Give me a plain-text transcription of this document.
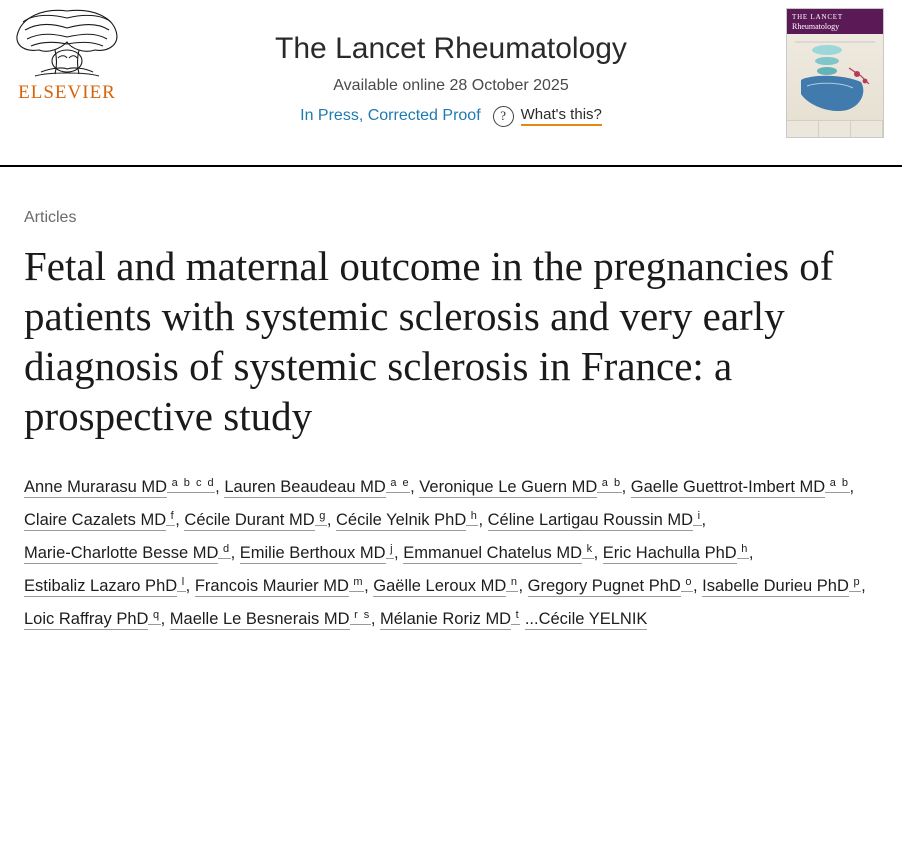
ELSEVIER
The Lancet Rheumatology
Available online 28 October 2025
In Press, Corrected Proof	? What's this?
THE LANCET
Rheumatology
Articles
Fetal and maternal outcome in the pregnancies of patients with systemic sclerosis and very early diagnosis of systemic sclerosis in France: a prospective study
Anne Murarasu MD $^{a b c d}$, Lauren Beaudeau MD $^{a e}$, Veronique Le Guern MD $^{a b}$, Gaelle Guettrot-Imbert MD $^{a b}$, Claire Cazalets MD $^f$, Cécile Durant MD $^g$, Cécile Yelnik PhD $^h$, Céline Lartigau Roussin MD $^i$, Marie-Charlotte Besse MD $^d$, Emilie Berthoux MD $^j$, Emmanuel Chatelus MD $^k$, Eric Hachulla PhD $^h$, Estibaliz Lazaro PhD $^l$, Francois Maurier MD $^m$, Gaëlle Leroux MD $^n$, Gregory Pugnet PhD $^o$, Isabelle Durieu PhD $^p$, Loic Raffray PhD $^q$, Maelle Le Besnerais MD $^{r s}$, Mélanie Roriz MD $^t$ ...Cécile YELNIK
